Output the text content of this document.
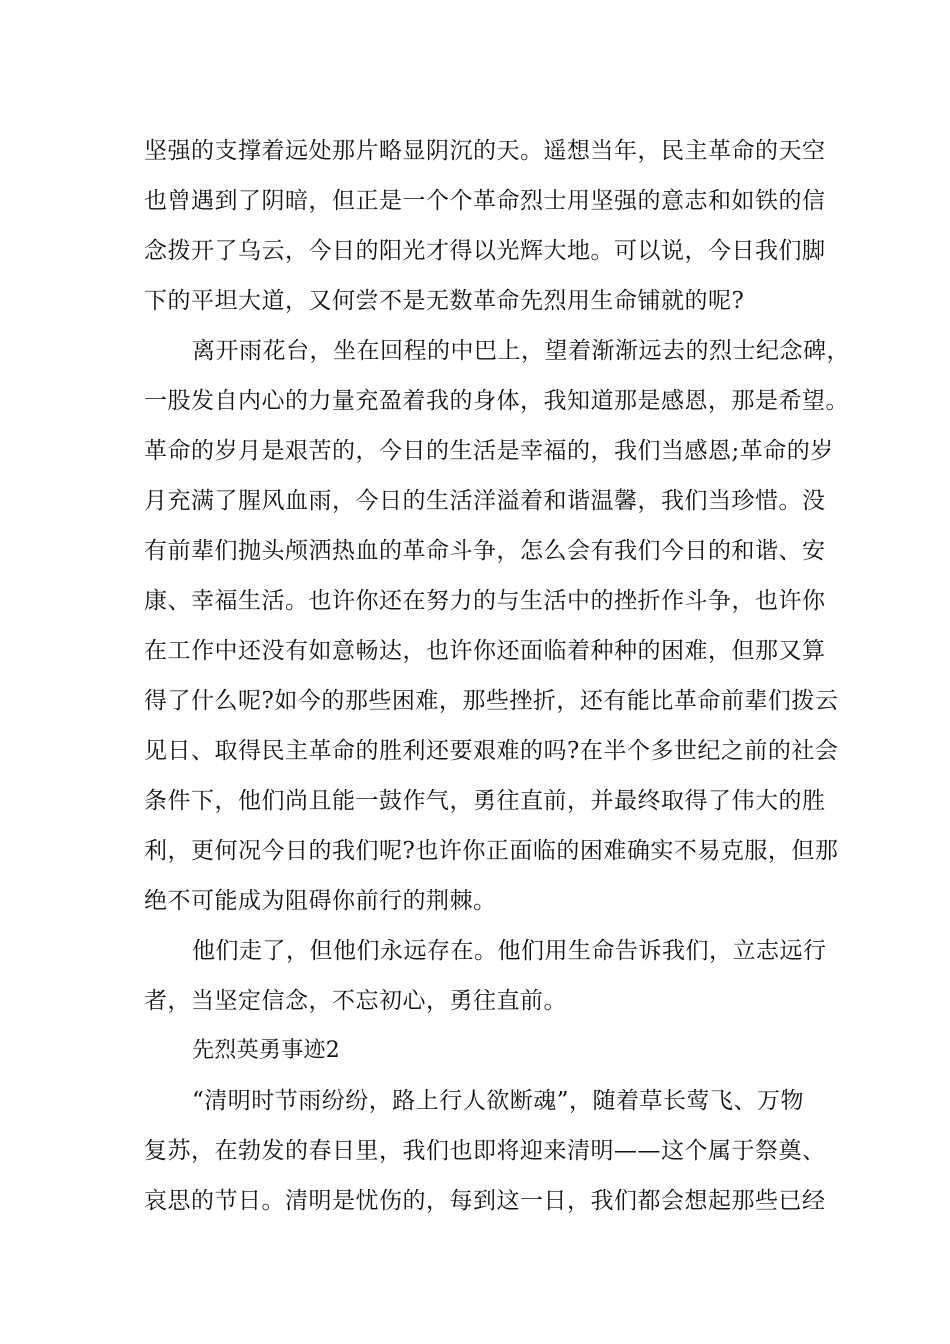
坚强的支撑着远处那片略显阴沉的天。遥想当年，民主革命的天空
也曾遇到了阴暗，但正是一个个革命烈士用坚强的意志和如铁的信
念拨开了乌云，今日的阳光才得以光辉大地。可以说，今日我们脚
下的平坦大道，又何尝不是无数革命先烈用生命铺就的呢?
离开雨花台，坐在回程的中巴上，望着渐渐远去的烈士纪念碑，
一股发自内心的力量充盈着我的身体，我知道那是感恩，那是希望。
革命的岁月是艰苦的，今日的生活是幸福的，我们当感恩;革命的岁
月充满了腥风血雨，今日的生活洋溢着和谐温馨，我们当珍惜。没
有前辈们抛头颅洒热血的革命斗争，怎么会有我们今日的和谐、安
康、幸福生活。也许你还在努力的与生活中的挫折作斗争，也许你
在工作中还没有如意畅达，也许你还面临着种种的困难，但那又算
得了什么呢?如今的那些困难，那些挫折，还有能比革命前辈们拨云
见日、取得民主革命的胜利还要艰难的吗?在半个多世纪之前的社会
条件下，他们尚且能一鼓作气，勇往直前，并最终取得了伟大的胜
利，更何况今日的我们呢?也许你正面临的困难确实不易克服，但那
绝不可能成为阻碍你前行的荆棘。
他们走了，但他们永远存在。他们用生命告诉我们，立志远行
者，当坚定信念，不忘初心，勇往直前。
先烈英勇事迹2
“清明时节雨纷纷，路上行人欲断魂”，随着草长莺飞、万物
复苏，在勃发的春日里，我们也即将迎来清明——这个属于祭奠、
哀思的节日。清明是忧伤的，每到这一日，我们都会想起那些已经
